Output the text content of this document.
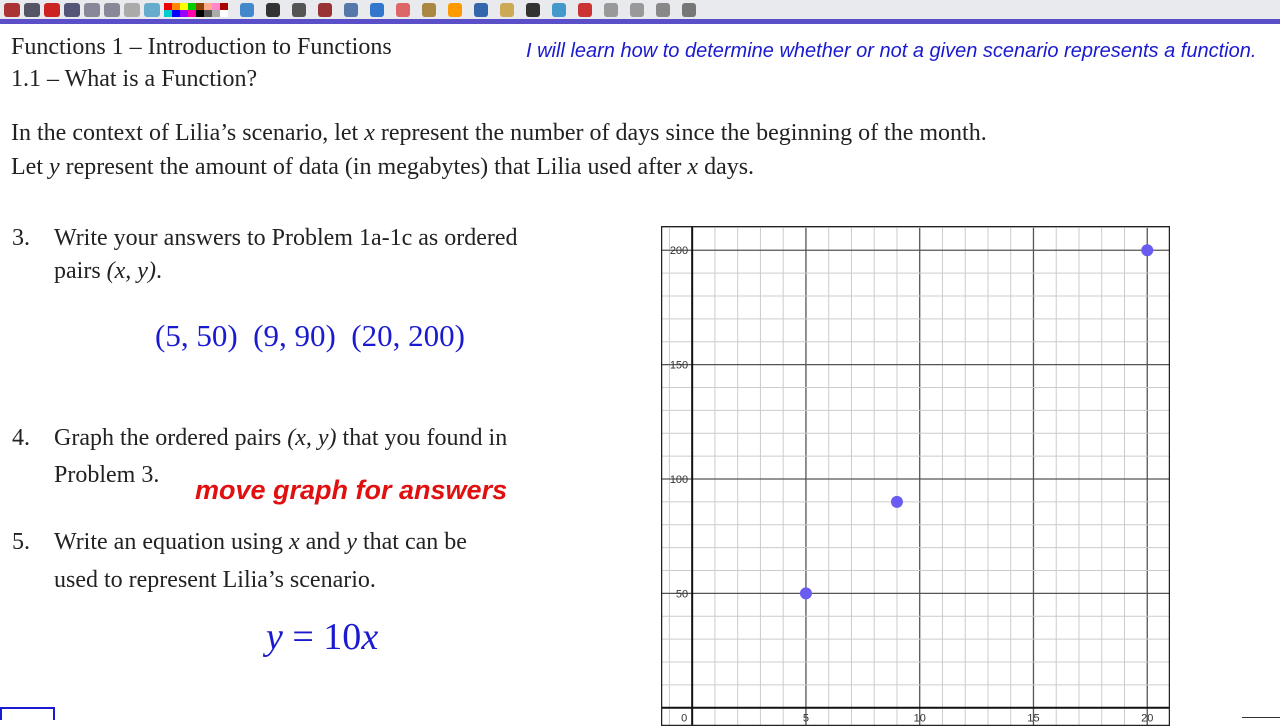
Functions 1 – Introduction to Functions
1.1 – What is a Function?
I will learn how to determine whether or not a given scenario represents a function.
In the context of Lilia’s scenario, let x represent the number of days since the beginning of the month.
Let y represent the amount of data (in megabytes) that Lilia used after x days.
3. Write your answers to Problem 1a-1c as ordered
pairs (x, y).
(5, 50)  (9, 90)  (20, 200)
4. Graph the ordered pairs (x, y) that you found in
Problem 3. move graph for answers
5. Write an equation using x and y that can be
used to represent Lilia’s scenario.
y = 10x
50
100
150
200
0	5	10	15	20
